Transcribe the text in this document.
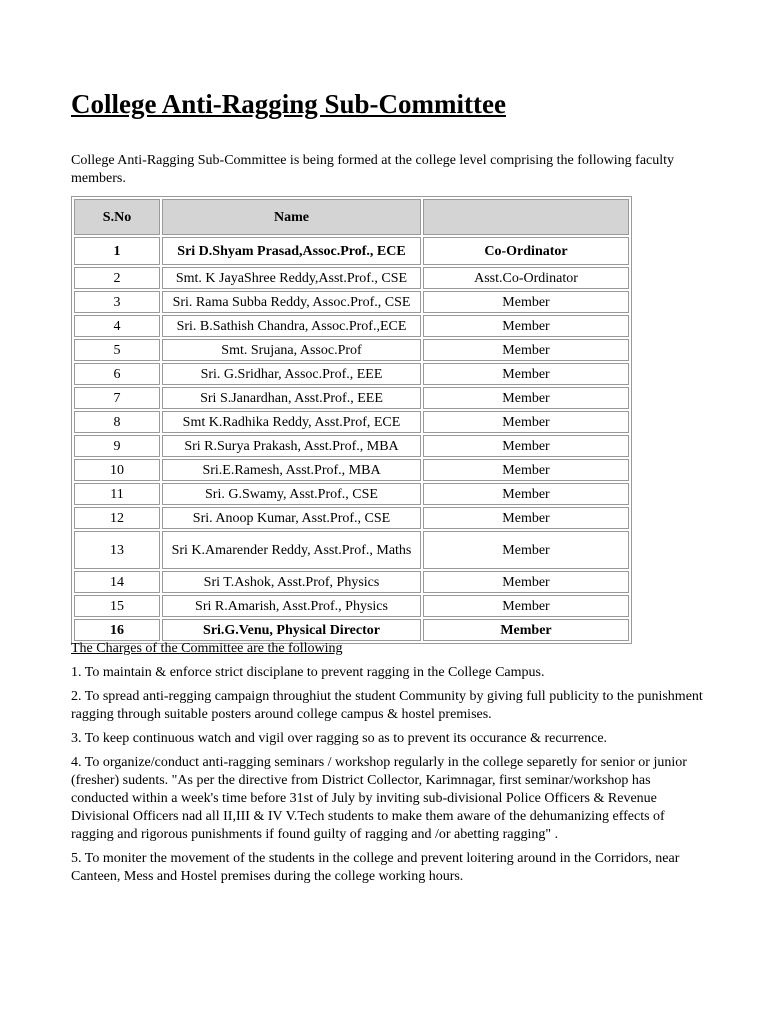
College Anti-Ragging Sub-Committee

College Anti-Ragging Sub-Committee is being formed at the college level comprising the following faculty members.

S.No	Name	
1	Sri D.Shyam Prasad,Assoc.Prof., ECE	Co-Ordinator
2	Smt. K JayaShree Reddy,Asst.Prof., CSE	Asst.Co-Ordinator
3	Sri. Rama Subba Reddy, Assoc.Prof., CSE	Member
4	Sri. B.Sathish Chandra, Assoc.Prof.,ECE	Member
5	Smt. Srujana, Assoc.Prof	Member
6	Sri. G.Sridhar, Assoc.Prof., EEE	Member
7	Sri S.Janardhan, Asst.Prof., EEE	Member
8	Smt K.Radhika Reddy, Asst.Prof, ECE	Member
9	Sri R.Surya Prakash, Asst.Prof., MBA	Member
10	Sri.E.Ramesh, Asst.Prof., MBA	Member
11	Sri. G.Swamy, Asst.Prof., CSE	Member
12	Sri. Anoop Kumar, Asst.Prof., CSE	Member
13	Sri K.Amarender Reddy, Asst.Prof., Maths	Member
14	Sri T.Ashok, Asst.Prof, Physics	Member
15	Sri R.Amarish, Asst.Prof., Physics	Member
16	Sri.G.Venu, Physical Director	Member
The Charges of the Committee are the following

1. To maintain & enforce strict disciplane to prevent ragging in the College Campus.

2. To spread anti-regging campaign throughiut the student Community by giving full publicity to the punishment ragging through suitable posters around college campus & hostel premises.

3. To keep continuous watch and vigil over ragging so as to prevent its occurance & recurrence.

4. To organize/conduct anti-ragging seminars / workshop regularly in the college separetly for senior or junior (fresher) sudents. "As per the directive from District Collector, Karimnagar, first seminar/workshop has conducted within a week's time before 31st of July by inviting sub-divisional Police Officers & Revenue Divisional Officers nad all II,III & IV V.Tech students to make them aware of the dehumanizing effects of ragging and rigorous punishments if found guilty of ragging and /or abetting ragging" .

5. To moniter the movement of the students in the college and prevent loitering around in the Corridors, near Canteen, Mess and Hostel premises during the college working hours.
